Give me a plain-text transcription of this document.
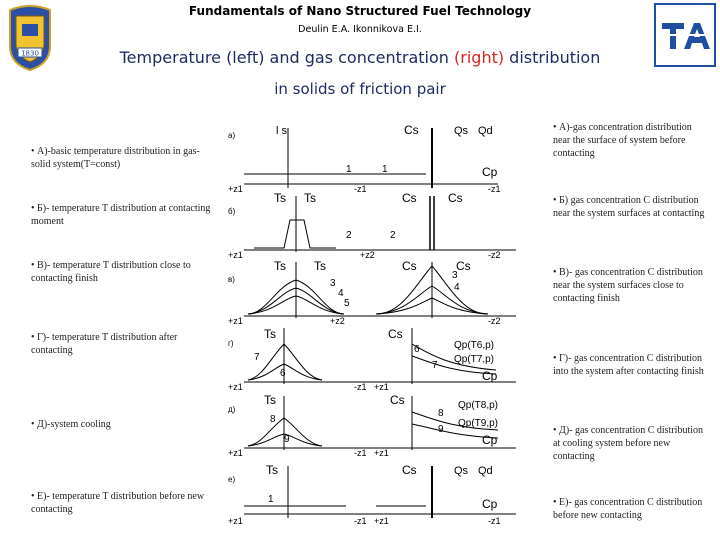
1830
Fundamentals of Nano Structured Fuel Technology
Deulin E.A. Ikonnikova E.I.
Temperature (left) and gas concentration (right) distribution
in solids of friction pair
• А)-basic temperature distribution in gas-solid system(T=const)
• Б)- temperature T distribution at contacting moment
• В)- temperature T distribution close to contacting finish
• Г)- temperature T distribution after contacting
• Д)-system cooling
• Е)- temperature T distribution before new contacting
• А)-gas concentration distribution near the surface of system before contacting
• Б) gas concentration C distribution near the system surfaces at contacting
• В)- gas concentration C distribution near the system surfaces close to contacting finish
• Г)- gas concentration C distribution into the system after contacting finish
• Д)- gas concentration C distribution at cooling system before new contacting
• Е)- gas concentration C distribution before new contacting
а)	l s	Cs	Qs Qd
Cp
1	1
+z1	-z1	-z1
б)
Ts Ts	Cs	Cs
2	2
+z1	+z2	-z2
в)
Ts Ts	Cs	Cs
3
4
5
3
4
+z1	+z2	-z2
г)
Ts	Cs
7
6
6
7
Qp(T6,p)
Qp(T7,p)
Cp
+z1	-z1 +z1
д)
Ts	Cs
8
9
8
9
Qp(T8,p)
Qp(T9,p)
Cp
+z1	-z1 +z1
е)
Ts	Cs	Qs Qd
1	Cp
+z1	-z1 +z1	-z1
